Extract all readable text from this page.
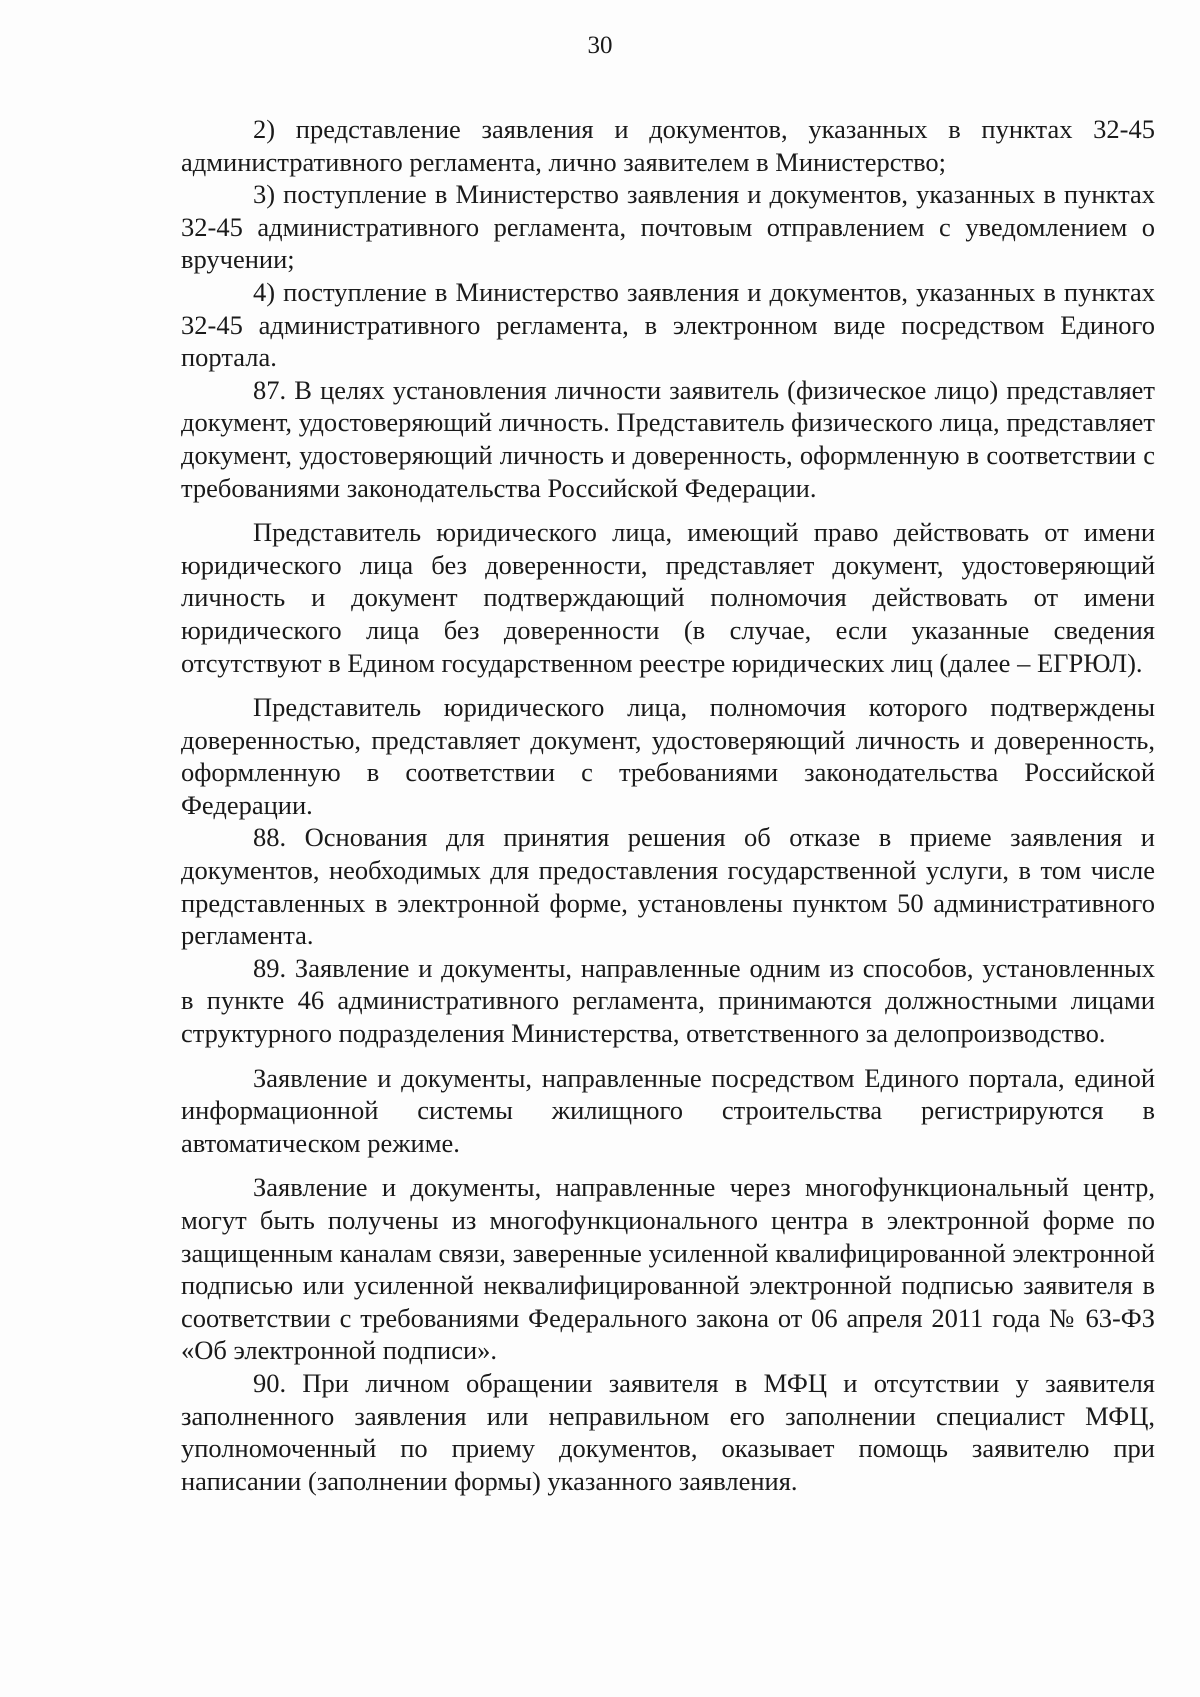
30

2) представление заявления и документов, указанных в пунктах 32-45 административного регламента, лично заявителем в Министерство;

3) поступление в Министерство заявления и документов, указанных в пунктах 32-45 административного регламента, почтовым отправлением с уведомлением о вручении;

4) поступление в Министерство заявления и документов, указанных в пунктах 32-45 административного регламента, в электронном виде посредством Единого портала.

87. В целях установления личности заявитель (физическое лицо) представляет документ, удостоверяющий личность. Представитель физического лица, представляет документ, удостоверяющий личность и доверенность, оформленную в соответствии с требованиями законодательства Российской Федерации.

Представитель юридического лица, имеющий право действовать от имени юридического лица без доверенности, представляет документ, удостоверяющий личность и документ подтверждающий полномочия действовать от имени юридического лица без доверенности (в случае, если указанные сведения отсутствуют в Едином государственном реестре юридических лиц (далее – ЕГРЮЛ).

Представитель юридического лица, полномочия которого подтверждены доверенностью, представляет документ, удостоверяющий личность и доверенность, оформленную в соответствии с требованиями законодательства Российской Федерации.

88. Основания для принятия решения об отказе в приеме заявления и документов, необходимых для предоставления государственной услуги, в том числе представленных в электронной форме, установлены пунктом 50 административного регламента.

89. Заявление и документы, направленные одним из способов, установленных в пункте 46 административного регламента, принимаются должностными лицами структурного подразделения Министерства, ответственного за делопроизводство.

Заявление и документы, направленные посредством Единого портала, единой информационной системы жилищного строительства регистрируются в автоматическом режиме.

Заявление и документы, направленные через многофункциональный центр, могут быть получены из многофункционального центра в электронной форме по защищенным каналам связи, заверенные усиленной квалифицированной электронной подписью или усиленной неквалифицированной электронной подписью заявителя в соответствии с требованиями Федерального закона от 06 апреля 2011 года № 63-ФЗ «Об электронной подписи».

90. При личном обращении заявителя в МФЦ и отсутствии у заявителя заполненного заявления или неправильном его заполнении специалист МФЦ, уполномоченный по приему документов, оказывает помощь заявителю при написании (заполнении формы) указанного заявления.
